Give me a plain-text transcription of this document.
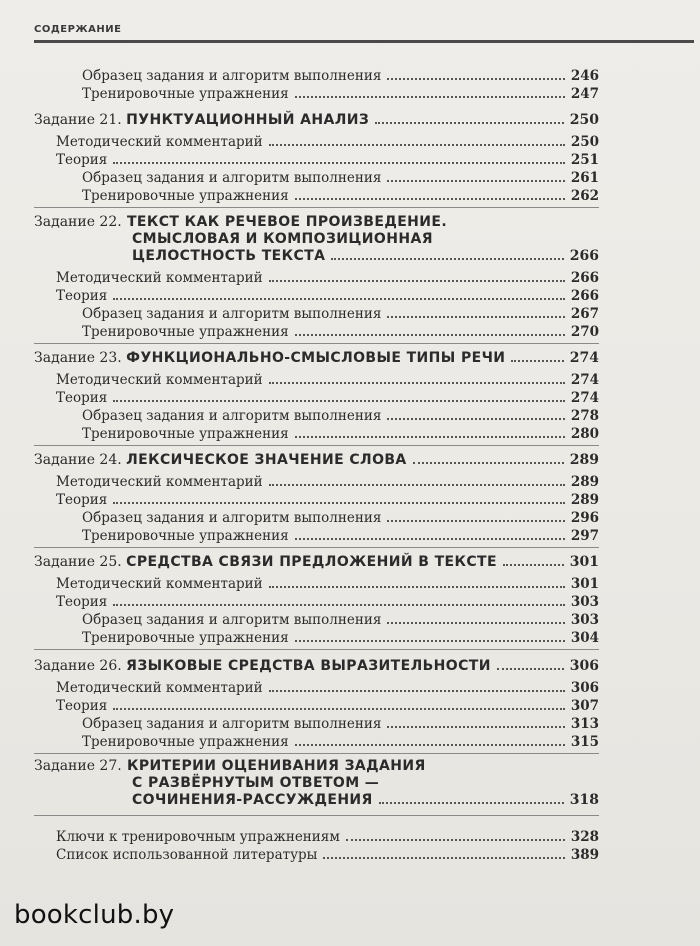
СОДЕРЖАНИЕ
Образец задания и алгоритм выполнения	246
Тренировочные упражнения	247
Задание 21. ПУНКТУАЦИОННЫЙ АНАЛИЗ	250
Методический комментарий	250
Теория	251
Образец задания и алгоритм выполнения	261
Тренировочные упражнения	262
Задание 22. ТЕКСТ КАК РЕЧЕВОЕ ПРОИЗВЕДЕНИЕ.
СМЫСЛОВАЯ И КОМПОЗИЦИОННАЯ
ЦЕЛОСТНОСТЬ ТЕКСТА	266
Методический комментарий	266
Теория	266
Образец задания и алгоритм выполнения	267
Тренировочные упражнения	270
Задание 23. ФУНКЦИОНАЛЬНО-СМЫСЛОВЫЕ ТИПЫ РЕЧИ	274
Методический комментарий	274
Теория	274
Образец задания и алгоритм выполнения	278
Тренировочные упражнения	280
Задание 24. ЛЕКСИЧЕСКОЕ ЗНАЧЕНИЕ СЛОВА	289
Методический комментарий	289
Теория	289
Образец задания и алгоритм выполнения	296
Тренировочные упражнения	297
Задание 25. СРЕДСТВА СВЯЗИ ПРЕДЛОЖЕНИЙ В ТЕКСТЕ	301
Методический комментарий	301
Теория	303
Образец задания и алгоритм выполнения	303
Тренировочные упражнения	304
Задание 26. ЯЗЫКОВЫЕ СРЕДСТВА ВЫРАЗИТЕЛЬНОСТИ	306
Методический комментарий	306
Теория	307
Образец задания и алгоритм выполнения	313
Тренировочные упражнения	315
Задание 27. КРИТЕРИИ ОЦЕНИВАНИЯ ЗАДАНИЯ
С РАЗВЁРНУТЫМ ОТВЕТОМ —
СОЧИНЕНИЯ-РАССУЖДЕНИЯ	318
Ключи к тренировочным упражнениям	328
Список использованной литературы	389
bookclub.by
